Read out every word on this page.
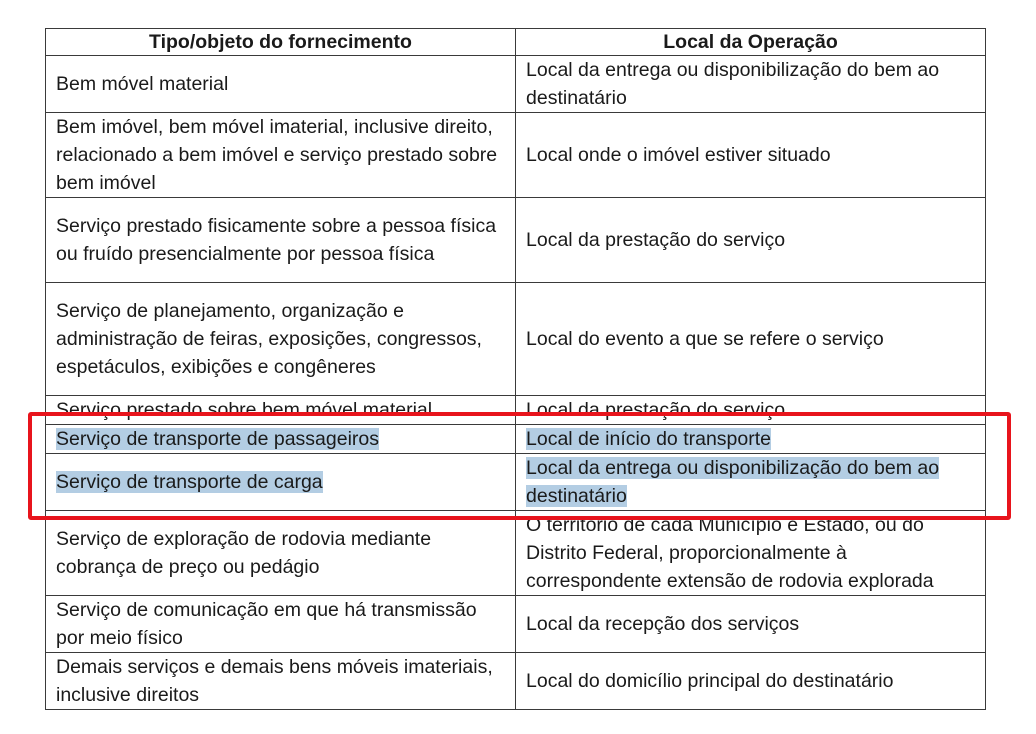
Tipo/objeto do fornecimento	Local da Operação
Bem móvel material	Local da entrega ou disponibilização do bem ao destinatário
Bem imóvel, bem móvel imaterial, inclusive direito, relacionado a bem imóvel e serviço prestado sobre bem imóvel	Local onde o imóvel estiver situado
Serviço prestado fisicamente sobre a pessoa física ou fruído presencialmente por pessoa física	Local da prestação do serviço
Serviço de planejamento, organização e administração de feiras, exposições, congressos, espetáculos, exibições e congêneres	Local do evento a que se refere o serviço
Serviço prestado sobre bem móvel material	Local da prestação do serviço
Serviço de transporte de passageiros	Local de início do transporte
Serviço de transporte de carga	Local da entrega ou disponibilização do bem ao destinatário
Serviço de exploração de rodovia mediante cobrança de preço ou pedágio	O território de cada Município e Estado, ou do Distrito Federal, proporcionalmente à correspondente extensão de rodovia explorada
Serviço de comunicação em que há transmissão por meio físico	Local da recepção dos serviços
Demais serviços e demais bens móveis imateriais, inclusive direitos	Local do domicílio principal do destinatário
